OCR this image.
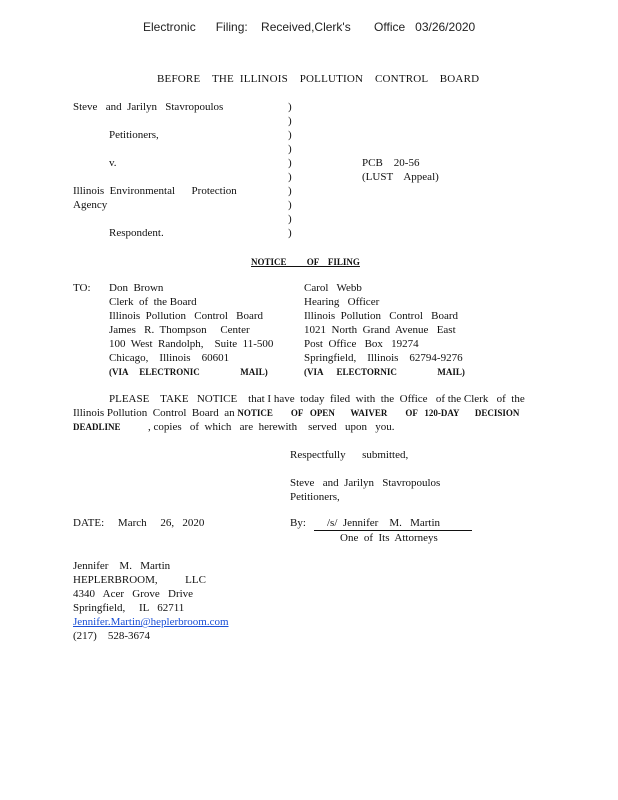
Electronic      Filing:    Received,Clerk's       Office   03/26/2020
BEFORE    THE  ILLINOIS    POLLUTION    CONTROL    BOARD
Steve   and  Jarilyn   Stavropoulos
Petitioners,
v.
Illinois  Environmental      Protection
Agency
Respondent.
)
)
)
)
)
)
)
)
)
)
PCB    20-56
(LUST    Appeal)
NOTICE         OF    FILING
TO: Don  Brown
Clerk  of  the Board
Illinois  Pollution   Control   Board
James   R.  Thompson     Center
100  West  Randolph,    Suite  11-500
Chicago,    Illinois    60601
(VIA     ELECTRONIC                  MAIL)
Carol   Webb
Hearing   Officer
Illinois  Pollution   Control   Board
1021  North  Grand  Avenue   East
Post  Office   Box   19274
Springfield,    Illinois    62794-9276
(VIA      ELECTORNIC                  MAIL)
PLEASE    TAKE   NOTICE    that I have  today  filed  with  the  Office   of the Clerk   of  the
Illinois Pollution  Control  Board  an NOTICE        OF   OPEN       WAIVER        OF   120-DAY       DECISION
DEADLINE          , copies   of  which   are  herewith    served   upon   you.
Respectfully      submitted,
Steve   and  Jarilyn   Stavropoulos
Petitioners,
DATE:     March     26,   2020	By:	/s/  Jennifer    M.   Martin
One  of  Its  Attorneys
Jennifer    M.   Martin
HEPLERBROOM,          LLC
4340   Acer   Grove   Drive
Springfield,     IL   62711
Jennifer.Martin@heplerbroom.com
(217)    528-3674
